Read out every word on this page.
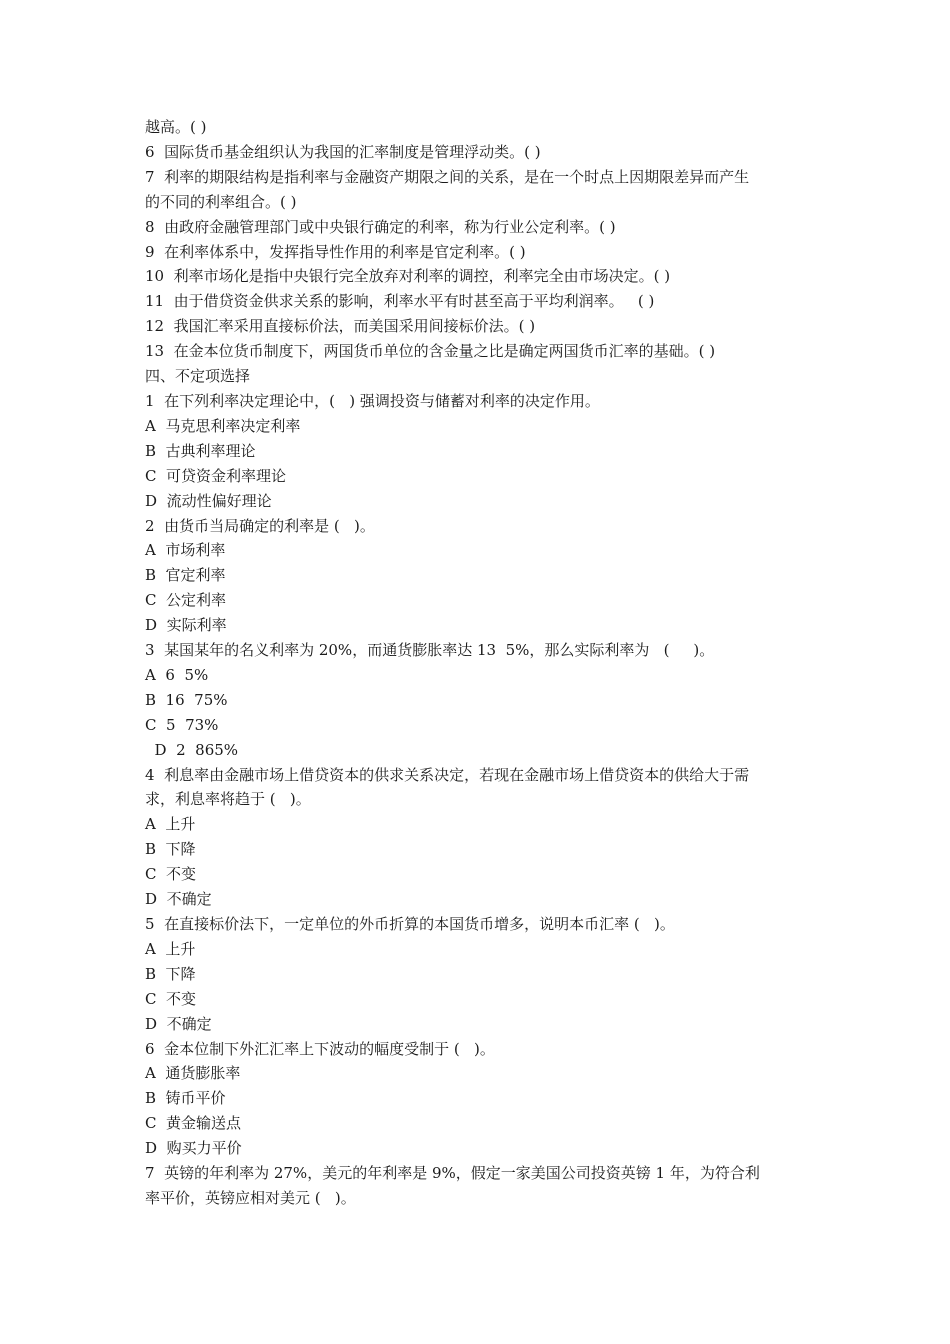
越高。( )
6  国际货币基金组织认为我国的汇率制度是管理浮动类。( )
7  利率的期限结构是指利率与金融资产期限之间的关系，是在一个时点上因期限差异而产生
的不同的利率组合。( )
8  由政府金融管理部门或中央银行确定的利率，称为行业公定利率。( )
9  在利率体系中，发挥指导性作用的利率是官定利率。( )
10  利率市场化是指中央银行完全放弃对利率的调控，利率完全由市场决定。( )
11  由于借贷资金供求关系的影响，利率水平有时甚至高于平均利润率。   ( )
12  我国汇率采用直接标价法，而美国采用间接标价法。( )
13  在金本位货币制度下，两国货币单位的含金量之比是确定两国货币汇率的基础。( )
四、不定项选择
1  在下列利率决定理论中，(   ) 强调投资与储蓄对利率的决定作用。
A  马克思利率决定利率
B  古典利率理论
C  可贷资金利率理论
D  流动性偏好理论
2  由货币当局确定的利率是 (   )。
A  市场利率
B  官定利率
C  公定利率
D  实际利率
3  某国某年的名义利率为 20%，而通货膨胀率达 13  5%，那么实际利率为   (     )。
A  6  5%
B  16  75%
C  5  73%
D  2  865%
4  利息率由金融市场上借贷资本的供求关系决定，若现在金融市场上借贷资本的供给大于需
求，利息率将趋于 (   )。
A  上升
B  下降
C  不变
D  不确定
5  在直接标价法下，一定单位的外币折算的本国货币增多，说明本币汇率 (   )。
A  上升
B  下降
C  不变
D  不确定
6  金本位制下外汇汇率上下波动的幅度受制于 (   )。
A  通货膨胀率
B  铸币平价
C  黄金输送点
D  购买力平价
7  英镑的年利率为 27%，美元的年利率是 9%，假定一家美国公司投资英镑 1 年，为符合利
率平价，英镑应相对美元 (   )。
